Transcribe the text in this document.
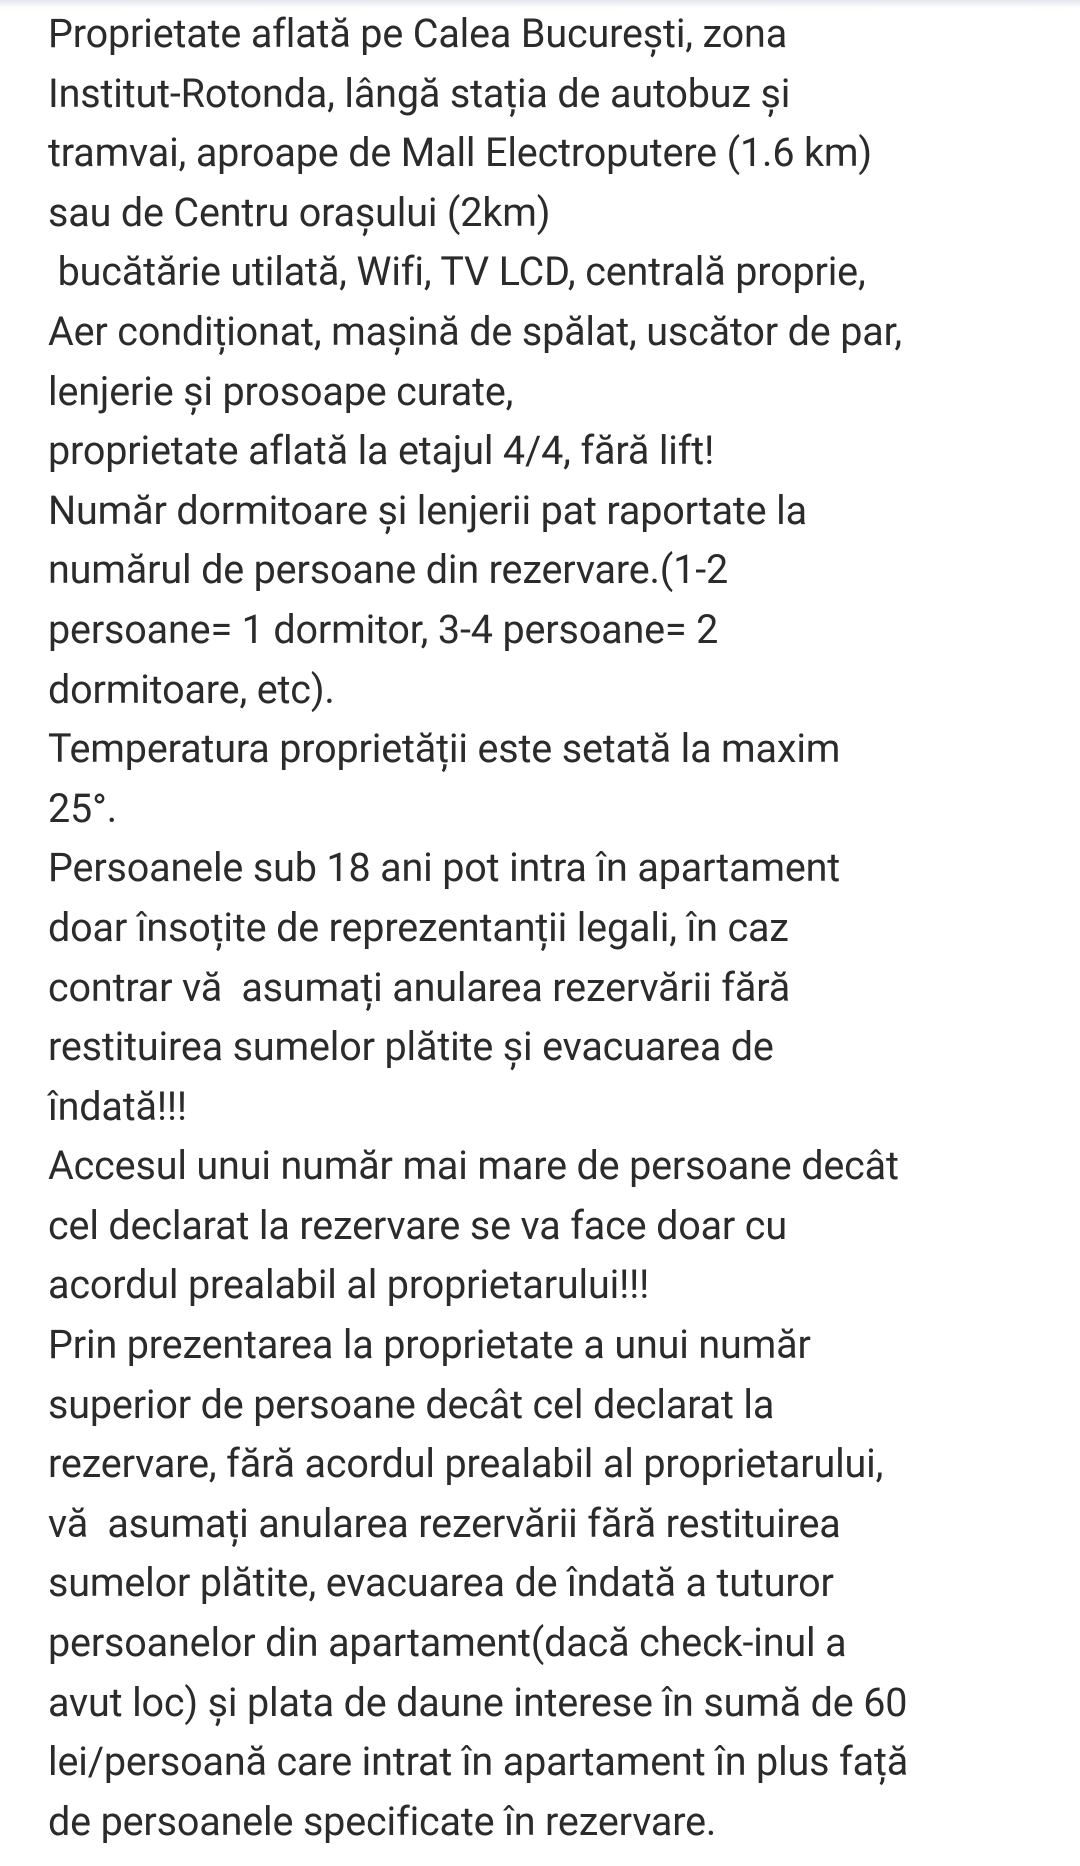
Proprietate aflată pe Calea București, zona
Institut-Rotonda, lângă stația de autobuz și
tramvai, aproape de Mall Electroputere (1.6 km)
sau de Centru orașului (2km)
bucătărie utilată, Wifi, TV LCD, centrală proprie,
Aer condiționat, mașină de spălat, uscător de par,
lenjerie și prosoape curate,
proprietate aflată la etajul 4/4, fără lift!
Număr dormitoare și lenjerii pat raportate la
numărul de persoane din rezervare.(1-2
persoane= 1 dormitor, 3-4 persoane= 2
dormitoare, etc).
Temperatura proprietății este setată la maxim
25°.
Persoanele sub 18 ani pot intra în apartament
doar însoțite de reprezentanții legali, în caz
contrar vă  asumați anularea rezervării fără
restituirea sumelor plătite și evacuarea de
îndată!!!
Accesul unui număr mai mare de persoane decât
cel declarat la rezervare se va face doar cu
acordul prealabil al proprietarului!!!
Prin prezentarea la proprietate a unui număr
superior de persoane decât cel declarat la
rezervare, fără acordul prealabil al proprietarului,
vă  asumați anularea rezervării fără restituirea
sumelor plătite, evacuarea de îndată a tuturor
persoanelor din apartament(dacă check-inul a
avut loc) și plata de daune interese în sumă de 60
lei/persoană care intrat în apartament în plus față
de persoanele specificate în rezervare.
